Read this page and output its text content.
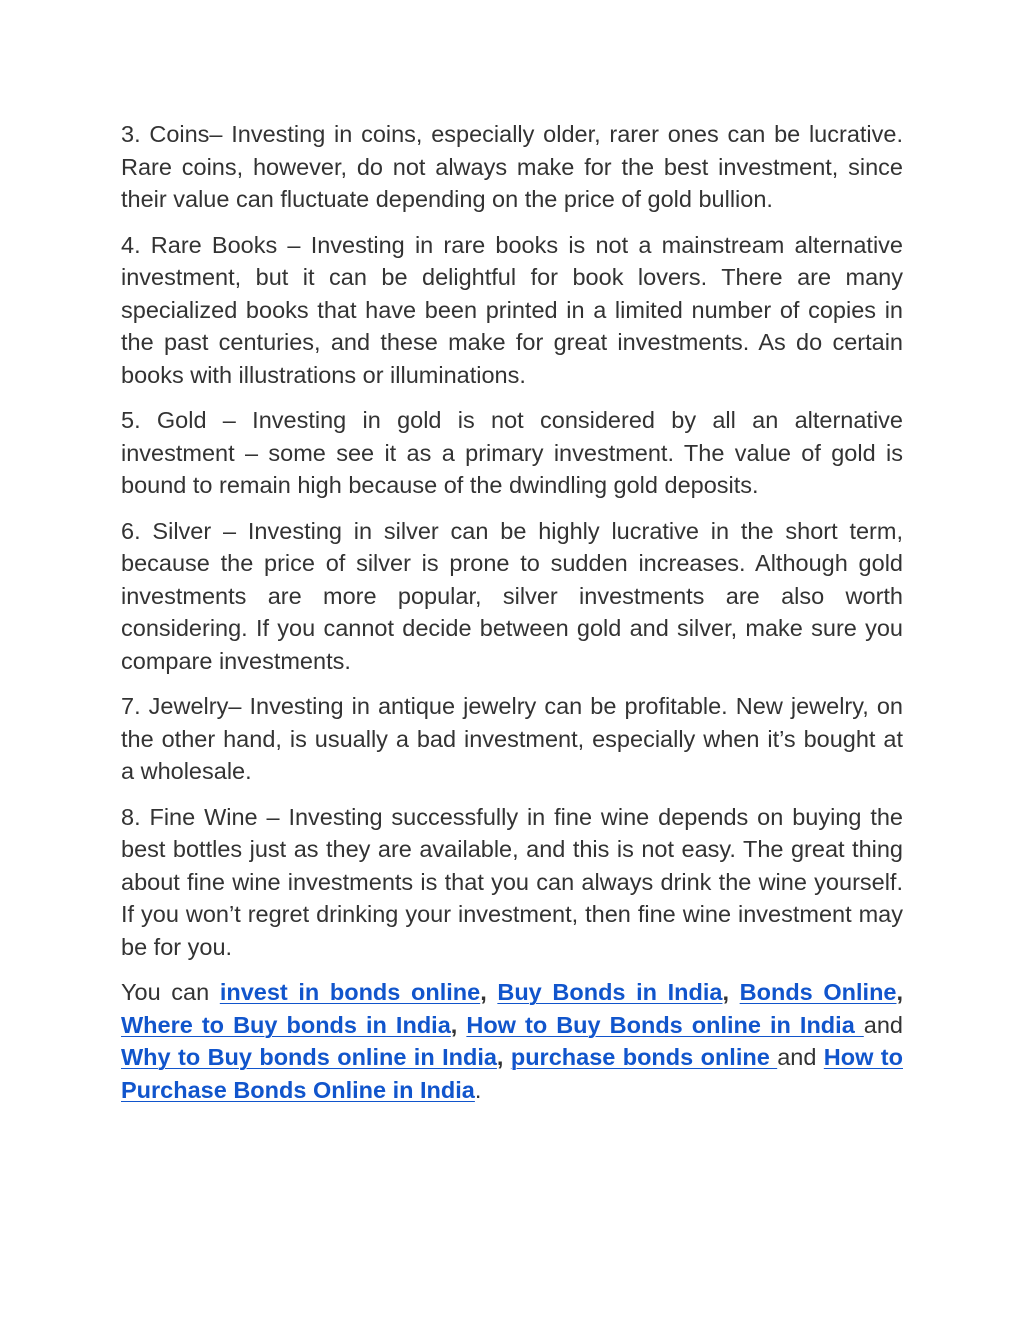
3. Coins– Investing in coins, especially older, rarer ones can be lucrative. Rare coins, however, do not always make for the best investment, since their value can fluctuate depending on the price of gold bullion.

4. Rare Books – Investing in rare books is not a mainstream alternative investment, but it can be delightful for book lovers. There are many specialized books that have been printed in a limited number of copies in the past centuries, and these make for great investments. As do certain books with illustrations or illuminations.

5. Gold – Investing in gold is not considered by all an alternative investment – some see it as a primary investment. The value of gold is bound to remain high because of the dwindling gold deposits.

6. Silver – Investing in silver can be highly lucrative in the short term, because the price of silver is prone to sudden increases. Although gold investments are more popular, silver investments are also worth considering. If you cannot decide between gold and silver, make sure you compare investments.

7. Jewelry– Investing in antique jewelry can be profitable. New jewelry, on the other hand, is usually a bad investment, especially when it’s bought at a wholesale.

8. Fine Wine – Investing successfully in fine wine depends on buying the best bottles just as they are available, and this is not easy. The great thing about fine wine investments is that you can always drink the wine yourself. If you won’t regret drinking your investment, then fine wine investment may be for you.

You can invest in bonds online, Buy Bonds in India, Bonds Online, Where to Buy bonds in India, How to Buy Bonds online in India and Why to Buy bonds online in India, purchase bonds online and How to Purchase Bonds Online in India.
